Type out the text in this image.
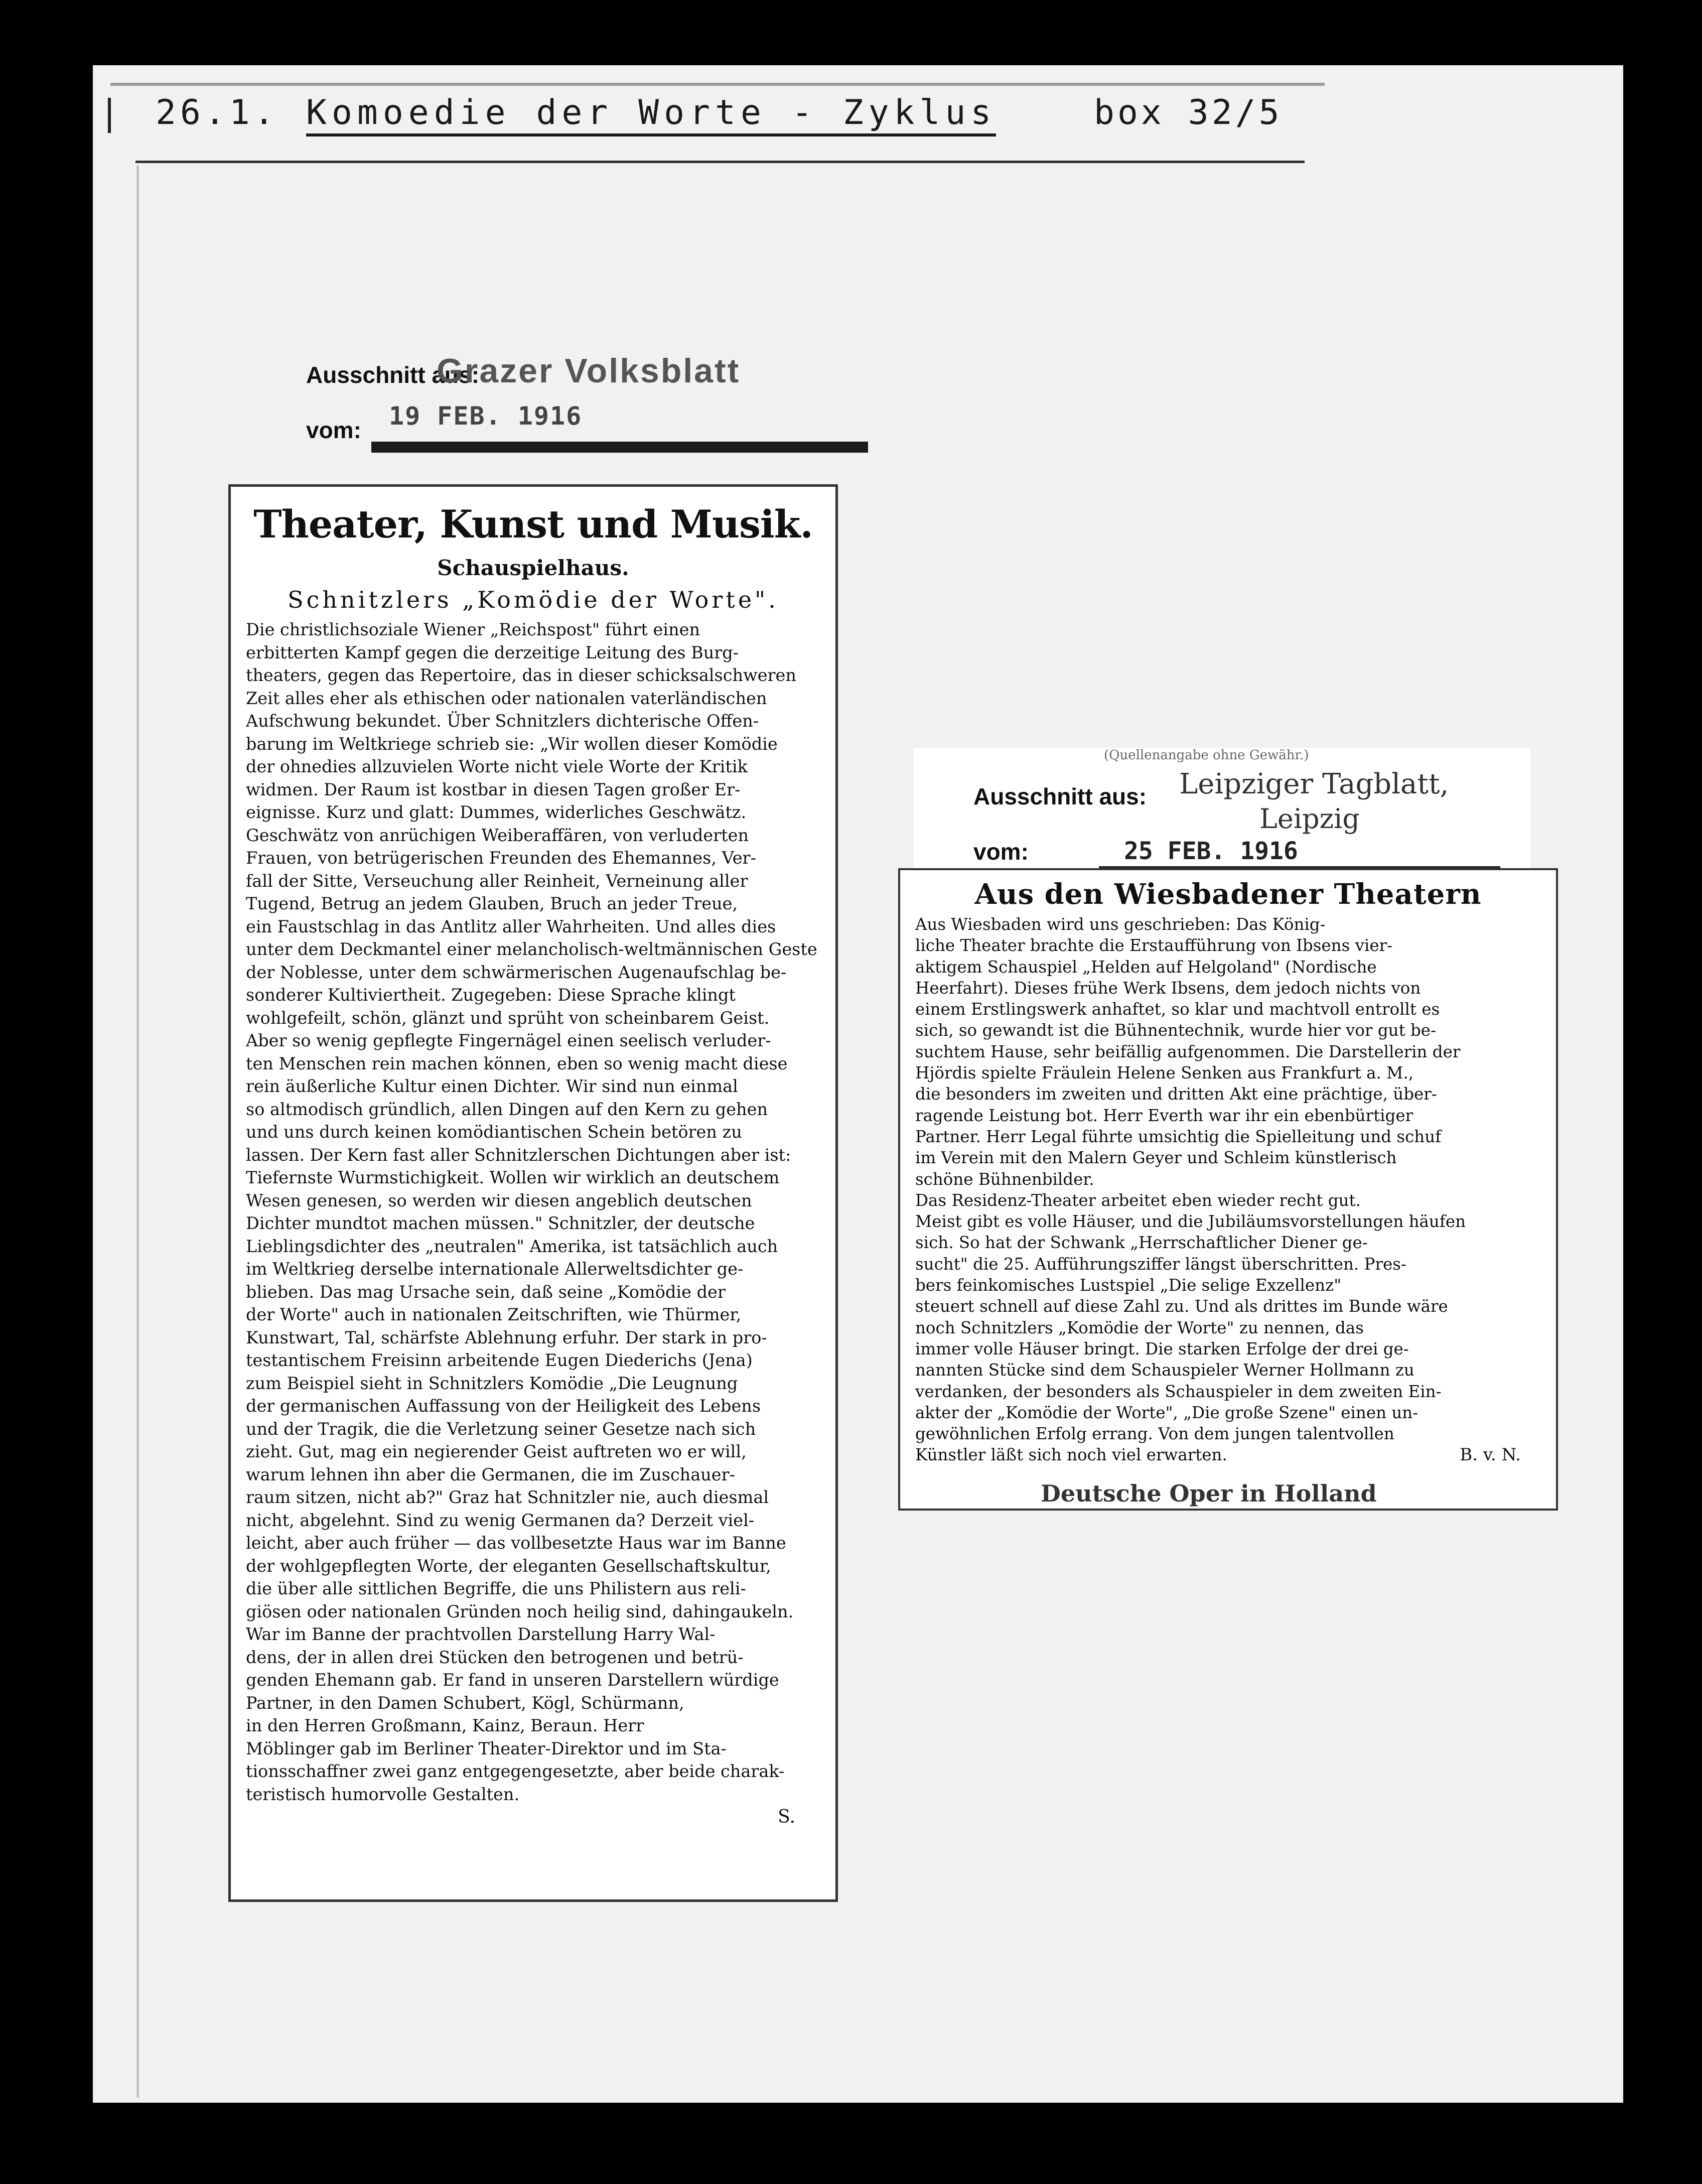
26.1. Komoedie der Worte - Zyklus	box 32/5
Ausschnitt aus:
Grazer Volksblatt
vom: 19 FEB. 1916
Theater, Kunst und Musik.
Schauspielhaus.
Schnitzlers „Komödie der Worte".
Die christlichsoziale Wiener „Reichspost" führt einen
erbitterten Kampf gegen die derzeitige Leitung des Burg-
theaters, gegen das Repertoire, das in dieser schicksalschweren
Zeit alles eher als ethischen oder nationalen vaterländischen
Aufschwung bekundet. Über Schnitzlers dichterische Offen-
barung im Weltkriege schrieb sie: „Wir wollen dieser Komödie
der ohnedies allzuvielen Worte nicht viele Worte der Kritik
widmen. Der Raum ist kostbar in diesen Tagen großer Er-
eignisse. Kurz und glatt: Dummes, widerliches Geschwätz.
Geschwätz von anrüchigen Weiberaffären, von verluderten
Frauen, von betrügerischen Freunden des Ehemannes, Ver-
fall der Sitte, Verseuchung aller Reinheit, Verneinung aller
Tugend, Betrug an jedem Glauben, Bruch an jeder Treue,
ein Faustschlag in das Antlitz aller Wahrheiten. Und alles dies
unter dem Deckmantel einer melancholisch-weltmännischen Geste
der Noblesse, unter dem schwärmerischen Augenaufschlag be-
sonderer Kultiviertheit. Zugegeben: Diese Sprache klingt
wohlgefeilt, schön, glänzt und sprüht von scheinbarem Geist.
Aber so wenig gepflegte Fingernägel einen seelisch verluder-
ten Menschen rein machen können, eben so wenig macht diese
rein äußerliche Kultur einen Dichter. Wir sind nun einmal
so altmodisch gründlich, allen Dingen auf den Kern zu gehen
und uns durch keinen komödiantischen Schein betören zu
lassen. Der Kern fast aller Schnitzlerschen Dichtungen aber ist:
Tiefernste Wurmstichigkeit. Wollen wir wirklich an deutschem
Wesen genesen, so werden wir diesen angeblich deutschen
Dichter mundtot machen müssen." Schnitzler, der deutsche
Lieblingsdichter des „neutralen" Amerika, ist tatsächlich auch
im Weltkrieg derselbe internationale Allerweltsdichter ge-
blieben. Das mag Ursache sein, daß seine „Komödie der
der Worte" auch in nationalen Zeitschriften, wie Thürmer,
Kunstwart, Tal, schärfste Ablehnung erfuhr. Der stark in pro-
testantischem Freisinn arbeitende Eugen Diederichs (Jena)
zum Beispiel sieht in Schnitzlers Komödie „Die Leugnung
der germanischen Auffassung von der Heiligkeit des Lebens
und der Tragik, die die Verletzung seiner Gesetze nach sich
zieht. Gut, mag ein negierender Geist auftreten wo er will,
warum lehnen ihn aber die Germanen, die im Zuschauer-
raum sitzen, nicht ab?" Graz hat Schnitzler nie, auch diesmal
nicht, abgelehnt. Sind zu wenig Germanen da? Derzeit viel-
leicht, aber auch früher — das vollbesetzte Haus war im Banne
der wohlgepflegten Worte, der eleganten Gesellschaftskultur,
die über alle sittlichen Begriffe, die uns Philistern aus reli-
giösen oder nationalen Gründen noch heilig sind, dahingaukeln.
War im Banne der prachtvollen Darstellung Harry Wal-
dens, der in allen drei Stücken den betrogenen und betrü-
genden Ehemann gab. Er fand in unseren Darstellern würdige
Partner, in den Damen Schubert, Kögl, Schürmann,
in den Herren Großmann, Kainz, Beraun. Herr
Möblinger gab im Berliner Theater-Direktor und im Sta-
tionsschaffner zwei ganz entgegengesetzte, aber beide charak-
teristisch humorvolle Gestalten.
S.
(Quellenangabe ohne Gewähr.)
Ausschnitt aus: Leipziger Tagblatt,
Leipzig
vom:	25 FEB. 1916
Aus den Wiesbadener Theatern
Aus Wiesbaden wird uns geschrieben: Das König-
liche Theater brachte die Erstaufführung von Ibsens vier-
aktigem Schauspiel „Helden auf Helgoland" (Nordische
Heerfahrt). Dieses frühe Werk Ibsens, dem jedoch nichts von
einem Erstlingswerk anhaftet, so klar und machtvoll entrollt es
sich, so gewandt ist die Bühnentechnik, wurde hier vor gut be-
suchtem Hause, sehr beifällig aufgenommen. Die Darstellerin der
Hjördis spielte Fräulein Helene Senken aus Frankfurt a. M.,
die besonders im zweiten und dritten Akt eine prächtige, über-
ragende Leistung bot. Herr Everth war ihr ein ebenbürtiger
Partner. Herr Legal führte umsichtig die Spielleitung und schuf
im Verein mit den Malern Geyer und Schleim künstlerisch
schöne Bühnenbilder.
Das Residenz-Theater arbeitet eben wieder recht gut.
Meist gibt es volle Häuser, und die Jubiläumsvorstellungen häufen
sich. So hat der Schwank „Herrschaftlicher Diener ge-
sucht" die 25. Aufführungsziffer längst überschritten. Pres-
bers feinkomisches Lustspiel „Die selige Exzellenz"
steuert schnell auf diese Zahl zu. Und als drittes im Bunde wäre
noch Schnitzlers „Komödie der Worte" zu nennen, das
immer volle Häuser bringt. Die starken Erfolge der drei ge-
nannten Stücke sind dem Schauspieler Werner Hollmann zu
verdanken, der besonders als Schauspieler in dem zweiten Ein-
akter der „Komödie der Worte", „Die große Szene" einen un-
gewöhnlichen Erfolg errang. Von dem jungen talentvollen
Künstler läßt sich noch viel erwarten.	B. v. N.
Deutsche Oper in Holland
